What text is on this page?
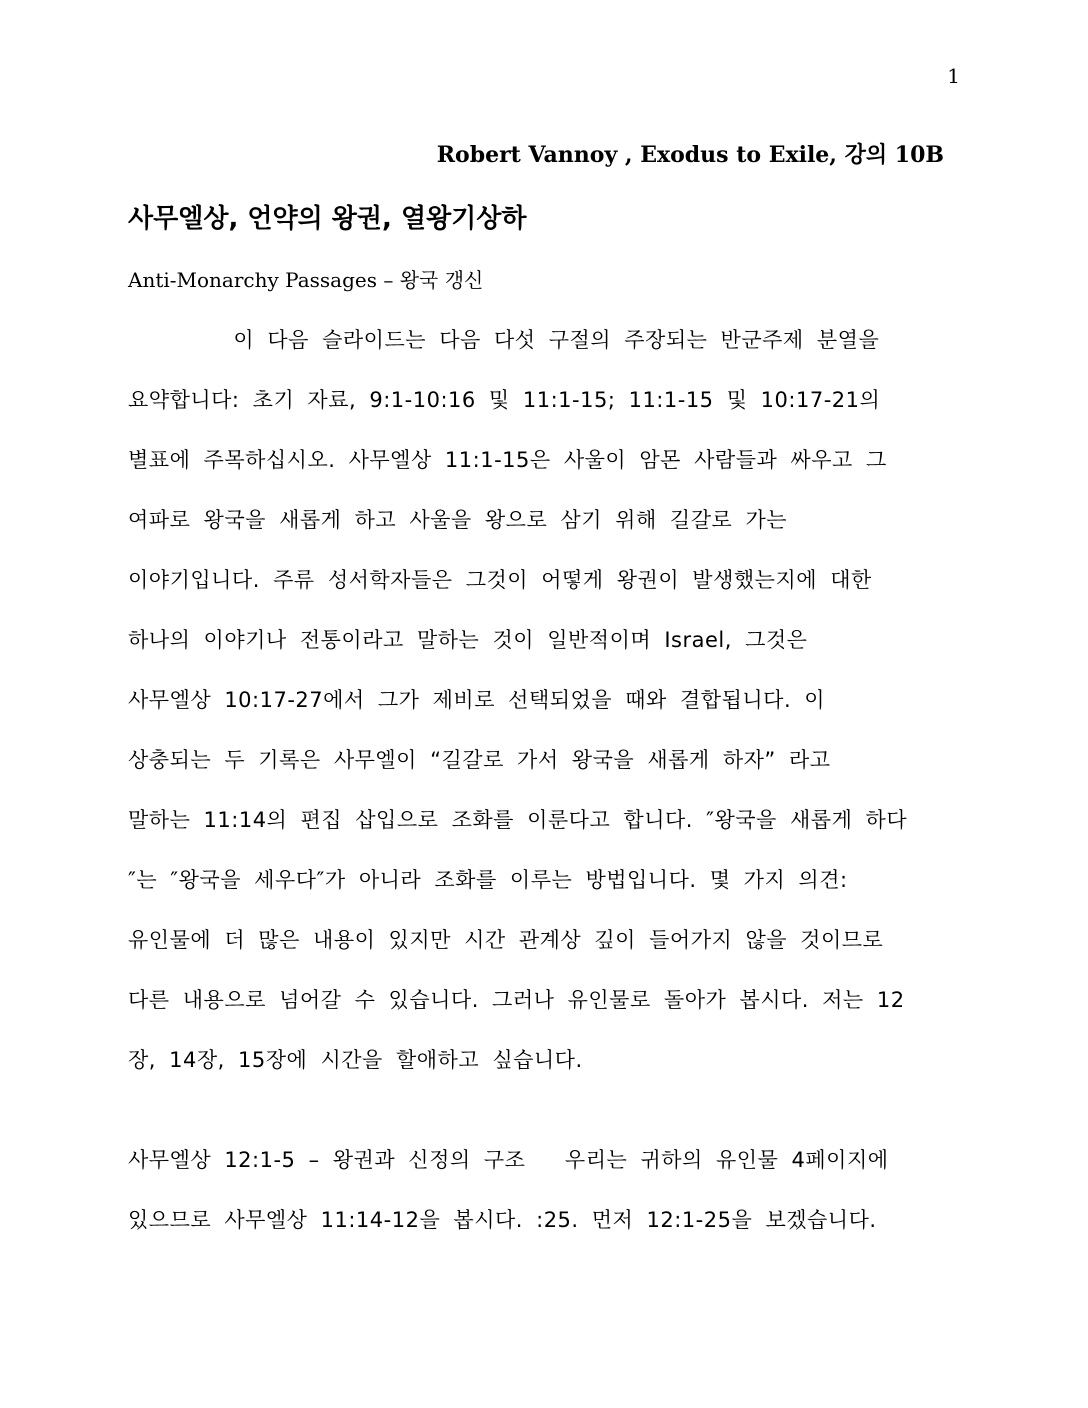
1
Robert Vannoy , Exodus to Exile, 강의 10B
사무엘상, 언약의 왕권, 열왕기상하
Anti-Monarchy Passages – 왕국 갱신
이 다음 슬라이드는 다음 다섯 구절의 주장되는 반군주제 분열을
요약합니다: 초기 자료, 9:1-10:16 및 11:1-15; 11:1-15 및 10:17-21의
별표에 주목하십시오. 사무엘상 11:1-15은 사울이 암몬 사람들과 싸우고 그
여파로 왕국을 새롭게 하고 사울을 왕으로 삼기 위해 길갈로 가는
이야기입니다. 주류 성서학자들은 그것이 어떻게 왕권이 발생했는지에 대한
하나의 이야기나 전통이라고 말하는 것이 일반적이며 Israel, 그것은
사무엘상 10:17-27에서 그가 제비로 선택되었을 때와 결합됩니다. 이
상충되는 두 기록은 사무엘이 “길갈로 가서 왕국을 새롭게 하자” 라고
말하는 11:14의 편집 삽입으로 조화를 이룬다고 합니다. ″왕국을 새롭게 하다
″는 ″왕국을 세우다″가 아니라 조화를 이루는 방법입니다. 몇 가지 의견:
유인물에 더 많은 내용이 있지만 시간 관계상 깊이 들어가지 않을 것이므로
다른 내용으로 넘어갈 수 있습니다. 그러나 유인물로 돌아가 봅시다. 저는 12
장, 14장, 15장에 시간을 할애하고 싶습니다.
사무엘상 12:1-5 – 왕권과 신정의 구조   우리는 귀하의 유인물 4페이지에
있으므로 사무엘상 11:14-12을 봅시다. :25. 먼저 12:1-25을 보겠습니다.
